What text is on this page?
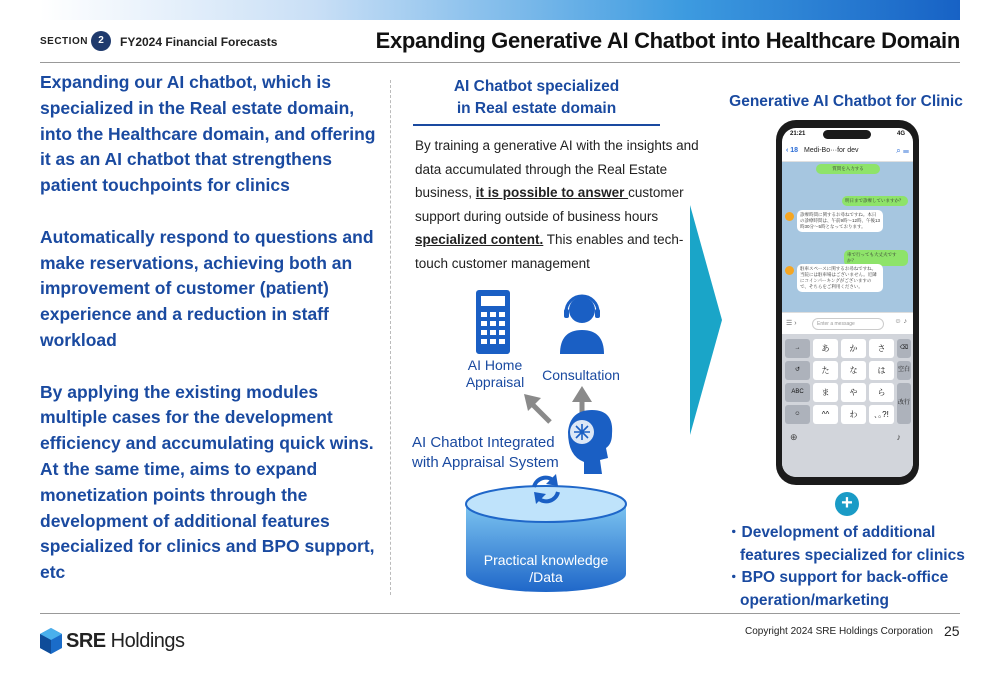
SECTION	2	FY2024 Financial Forecasts	Expanding Generative AI Chatbot into Healthcare Domain

Expanding our AI chatbot, which is specialized in the Real estate domain, into the Healthcare domain, and offering it as an AI chatbot that strengthens patient touchpoints for clinics

Automatically respond to questions and make reservations, achieving both an improvement of customer (patient) experience and a reduction in staff workload

By applying the existing modules multiple cases for the development efficiency and accumulating quick wins. At the same time, aims to expand monetization points through the development of additional features specialized for clinics and BPO support, etc

AI Chatbot specialized
in Real estate domain
By training a generative AI with the insights and data accumulated through the Real Estate business, it is possible to answer customer support during outside of business hours specialized content. This enables and tech-touch customer management
AI Home
Appraisal	Consultation
AI Chatbot Integrated
with Appraisal System
Practical knowledge
/Data
Generative AI Chatbot for Clinic
21:21	4G
‹ 18 Medi-Bo···for dev	⌕ ☰
質問を入力する
明日まで診療していますか？
診療時間に関するお尋ねですね。本日の診療時間は、午前9時〜12時、午後13時30分〜5時となっております。
車で行っても大丈夫ですか？
駐車スペースに関するお尋ねですね。当院には駐車場はございません。近隣にコインパーキングがございますので、そちらをご利用ください。
☰ ›	Enter a message	☺ ♪
→
↺
ABC
☺
あ	か	さ
た	な	は
ま	や	ら
^^	わ	､｡?!
⌫
空白
改行
⊕	♪
+
・Development of additional features specialized for clinics
・BPO support for back-office operation/marketing
SRE Holdings	Copyright 2024 SRE Holdings Corporation 25
